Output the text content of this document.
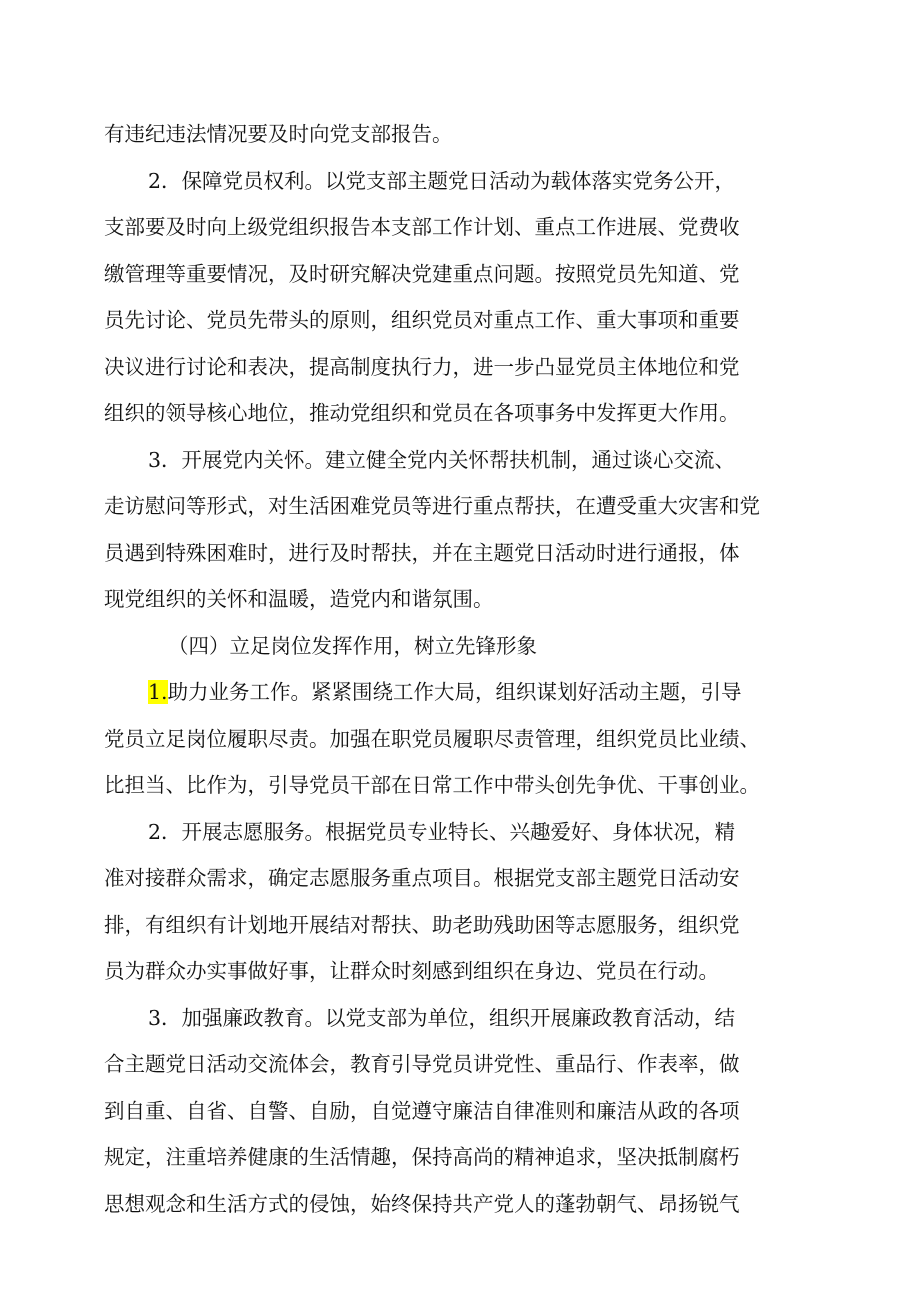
有违纪违法情况要及时向党支部报告。

2．保障党员权利。以党支部主题党日活动为载体落实党务公开，
支部要及时向上级党组织报告本支部工作计划、重点工作进展、党费收
缴管理等重要情况，及时研究解决党建重点问题。按照党员先知道、党
员先讨论、党员先带头的原则，组织党员对重点工作、重大事项和重要
决议进行讨论和表决，提高制度执行力，进一步凸显党员主体地位和党
组织的领导核心地位，推动党组织和党员在各项事务中发挥更大作用。

3．开展党内关怀。建立健全党内关怀帮扶机制，通过谈心交流、
走访慰问等形式，对生活困难党员等进行重点帮扶，在遭受重大灾害和党
员遇到特殊困难时，进行及时帮扶，并在主题党日活动时进行通报，体
现党组织的关怀和温暖，造党内和谐氛围。

（四）立足岗位发挥作用，树立先锋形象

1.助力业务工作。紧紧围绕工作大局，组织谋划好活动主题，引导
党员立足岗位履职尽责。加强在职党员履职尽责管理，组织党员比业绩、
比担当、比作为，引导党员干部在日常工作中带头创先争优、干事创业。

2．开展志愿服务。根据党员专业特长、兴趣爱好、身体状况，精
准对接群众需求，确定志愿服务重点项目。根据党支部主题党日活动安
排，有组织有计划地开展结对帮扶、助老助残助困等志愿服务，组织党
员为群众办实事做好事，让群众时刻感到组织在身边、党员在行动。

3．加强廉政教育。以党支部为单位，组织开展廉政教育活动，结
合主题党日活动交流体会，教育引导党员讲党性、重品行、作表率，做
到自重、自省、自警、自励，自觉遵守廉洁自律准则和廉洁从政的各项
规定，注重培养健康的生活情趣，保持高尚的精神追求，坚决抵制腐朽
思想观念和生活方式的侵蚀，始终保持共产党人的蓬勃朝气、昂扬锐气
